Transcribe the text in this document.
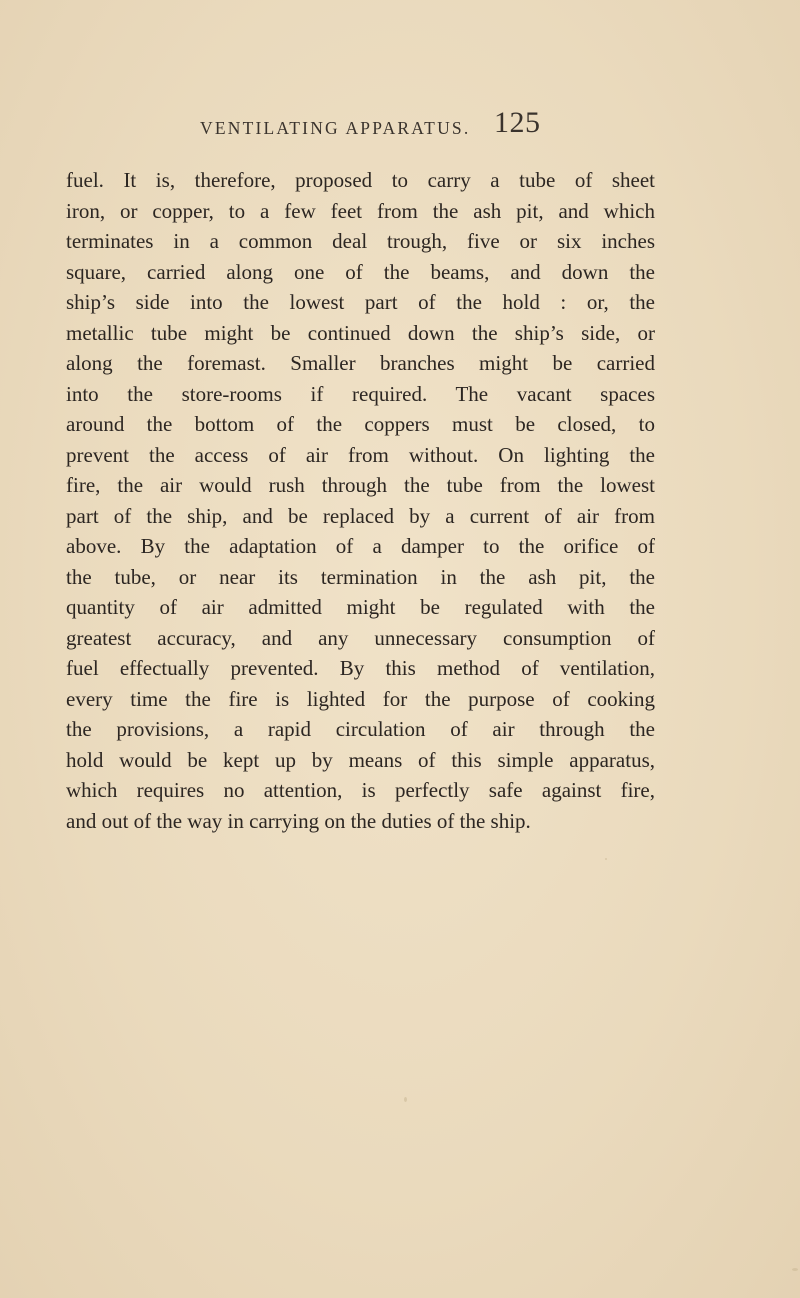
VENTILATING APPARATUS. 125
fuel. It is, therefore, proposed to carry a tube of sheet
iron, or copper, to a few feet from the ash pit, and which
terminates in a common deal trough, five or six inches
square, carried along one of the beams, and down the
ship’s side into the lowest part of the hold : or, the
metallic tube might be continued down the ship’s side, or
along the foremast. Smaller branches might be carried
into the store-rooms if required. The vacant spaces
around the bottom of the coppers must be closed, to
prevent the access of air from without. On lighting the
fire, the air would rush through the tube from the lowest
part of the ship, and be replaced by a current of air from
above. By the adaptation of a damper to the orifice of
the tube, or near its termination in the ash pit, the
quantity of air admitted might be regulated with the
greatest accuracy, and any unnecessary consumption of
fuel effectually prevented. By this method of ventilation,
every time the fire is lighted for the purpose of cooking
the provisions, a rapid circulation of air through the
hold would be kept up by means of this simple apparatus,
which requires no attention, is perfectly safe against fire,
and out of the way in carrying on the duties of the ship.
